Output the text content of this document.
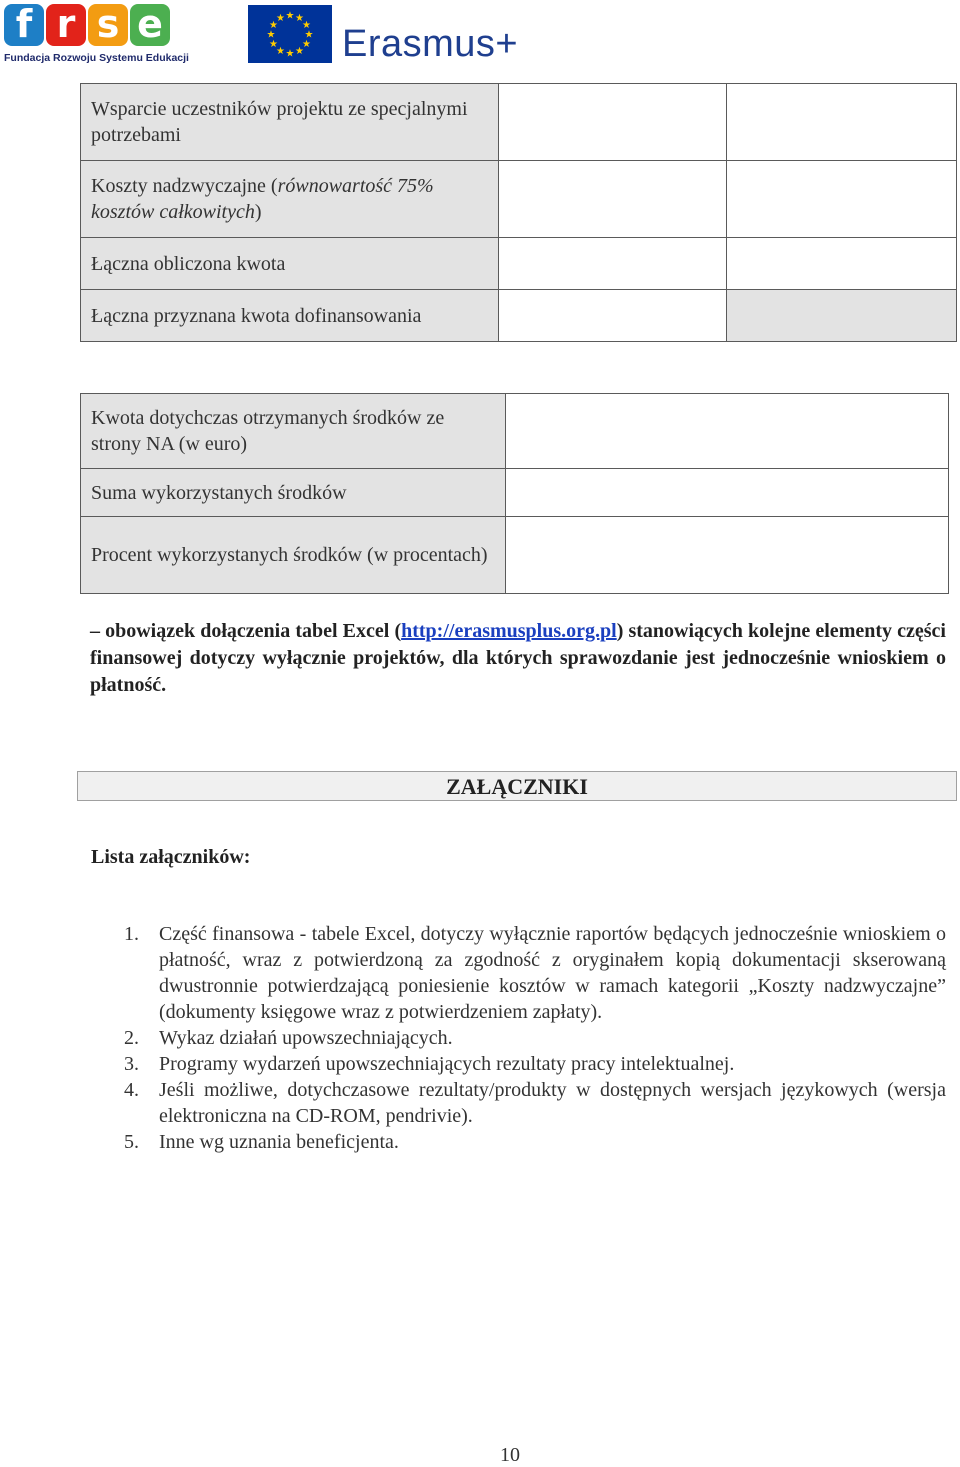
f r s e
Fundacja Rozwoju Systemu Edukacji
★ ★
★
★
★
★
★
★
★
★
★
★
Erasmus+
Wsparcie uczestników projektu ze specjalnymi potrzebami		
Koszty nadzwyczajne (równowartość 75% kosztów całkowitych)		
Łączna obliczona kwota		
Łączna przyznana kwota dofinansowania		
Kwota dotychczas otrzymanych środków ze strony NA (w euro)	
Suma wykorzystanych środków	
Procent wykorzystanych środków (w procentach)	
– obowiązek dołączenia tabel Excel (http://erasmusplus.org.pl) stanowiących kolejne elementy części finansowej dotyczy wyłącznie projektów, dla których sprawozdanie jest jednocześnie wnioskiem o płatność.
ZAŁĄCZNIKI
Lista załączników:
1. Część finansowa - tabele Excel, dotyczy wyłącznie raportów będących jednocześnie wnioskiem o płatność, wraz z potwierdzoną za zgodność z oryginałem kopią dokumentacji skserowaną dwustronnie potwierdzającą poniesienie kosztów w ramach kategorii „Koszty nadzwyczajne” (dokumenty księgowe wraz z potwierdzeniem zapłaty).
2. Wykaz działań upowszechniających.
3. Programy wydarzeń upowszechniających rezultaty pracy intelektualnej.
4. Jeśli możliwe, dotychczasowe rezultaty/produkty w dostępnych wersjach językowych (wersja elektroniczna na CD-ROM, pendrivie).
5. Inne wg uznania beneficjenta.
10
